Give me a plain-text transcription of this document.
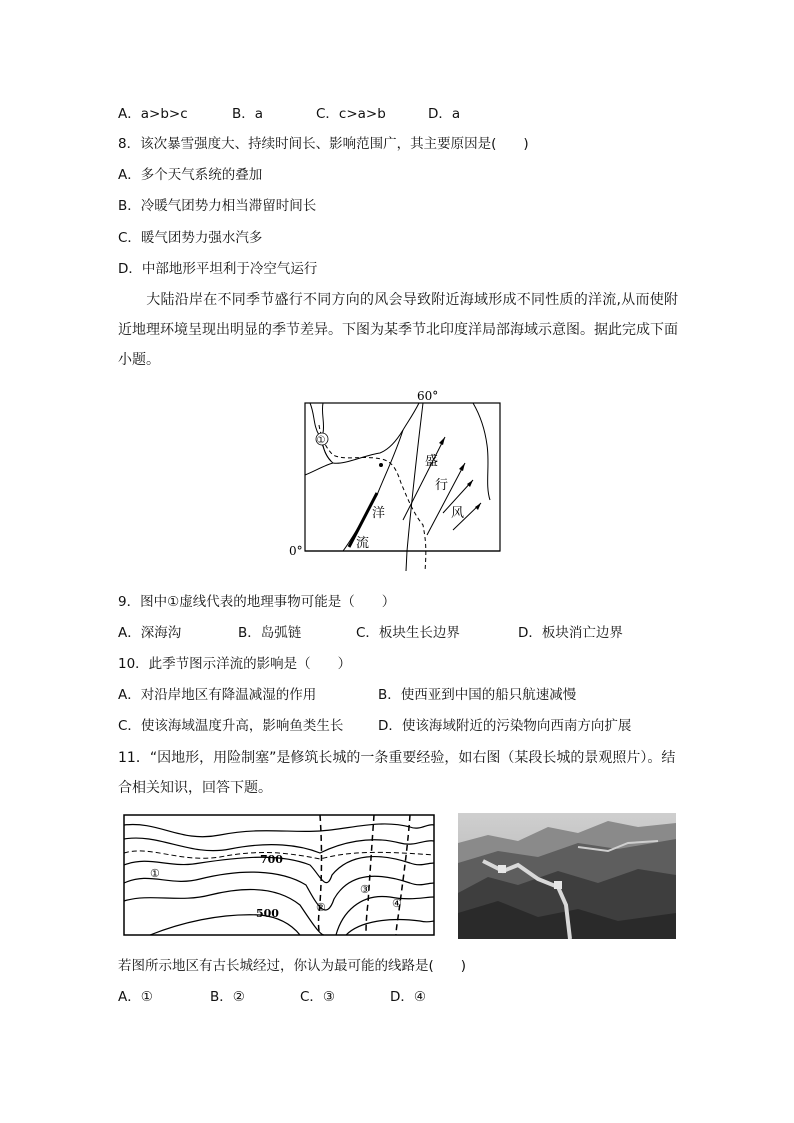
A．a>b>c	B．a	C．c>a>b	D．a
8．该次暴雪强度大、持续时间长、影响范围广，其主要原因是(　　)
A．多个天气系统的叠加
B．冷暖气团势力相当滞留时间长
C．暖气团势力强水汽多
D．中部地形平坦利于冷空气运行
大陆沿岸在不同季节盛行不同方向的风会导致附近海域形成不同性质的洋流,从而使附近地理环境呈现出明显的季节差异。下图为某季节北印度洋局部海域示意图。据此完成下面小题。
0°
60°
①
盛
行
风
洋
流
9．图中①虚线代表的地理事物可能是（　　）
A．深海沟	B．岛弧链	C．板块生长边界	D．板块消亡边界
10．此季节图示洋流的影响是（　　）
A．对沿岸地区有降温减湿的作用	B．使西亚到中国的船只航速减慢
C．使该海域温度升高，影响鱼类生长	D．使该海域附近的污染物向西南方向扩展
11．“因地形，用险制塞”是修筑长城的一条重要经验，如右图（某段长城的景观照片）。结
合相关知识，回答下题。
①
②
③
④
700
500
若图所示地区有古长城经过，你认为最可能的线路是(　　)
A．①	B．②	C．③	D．④
